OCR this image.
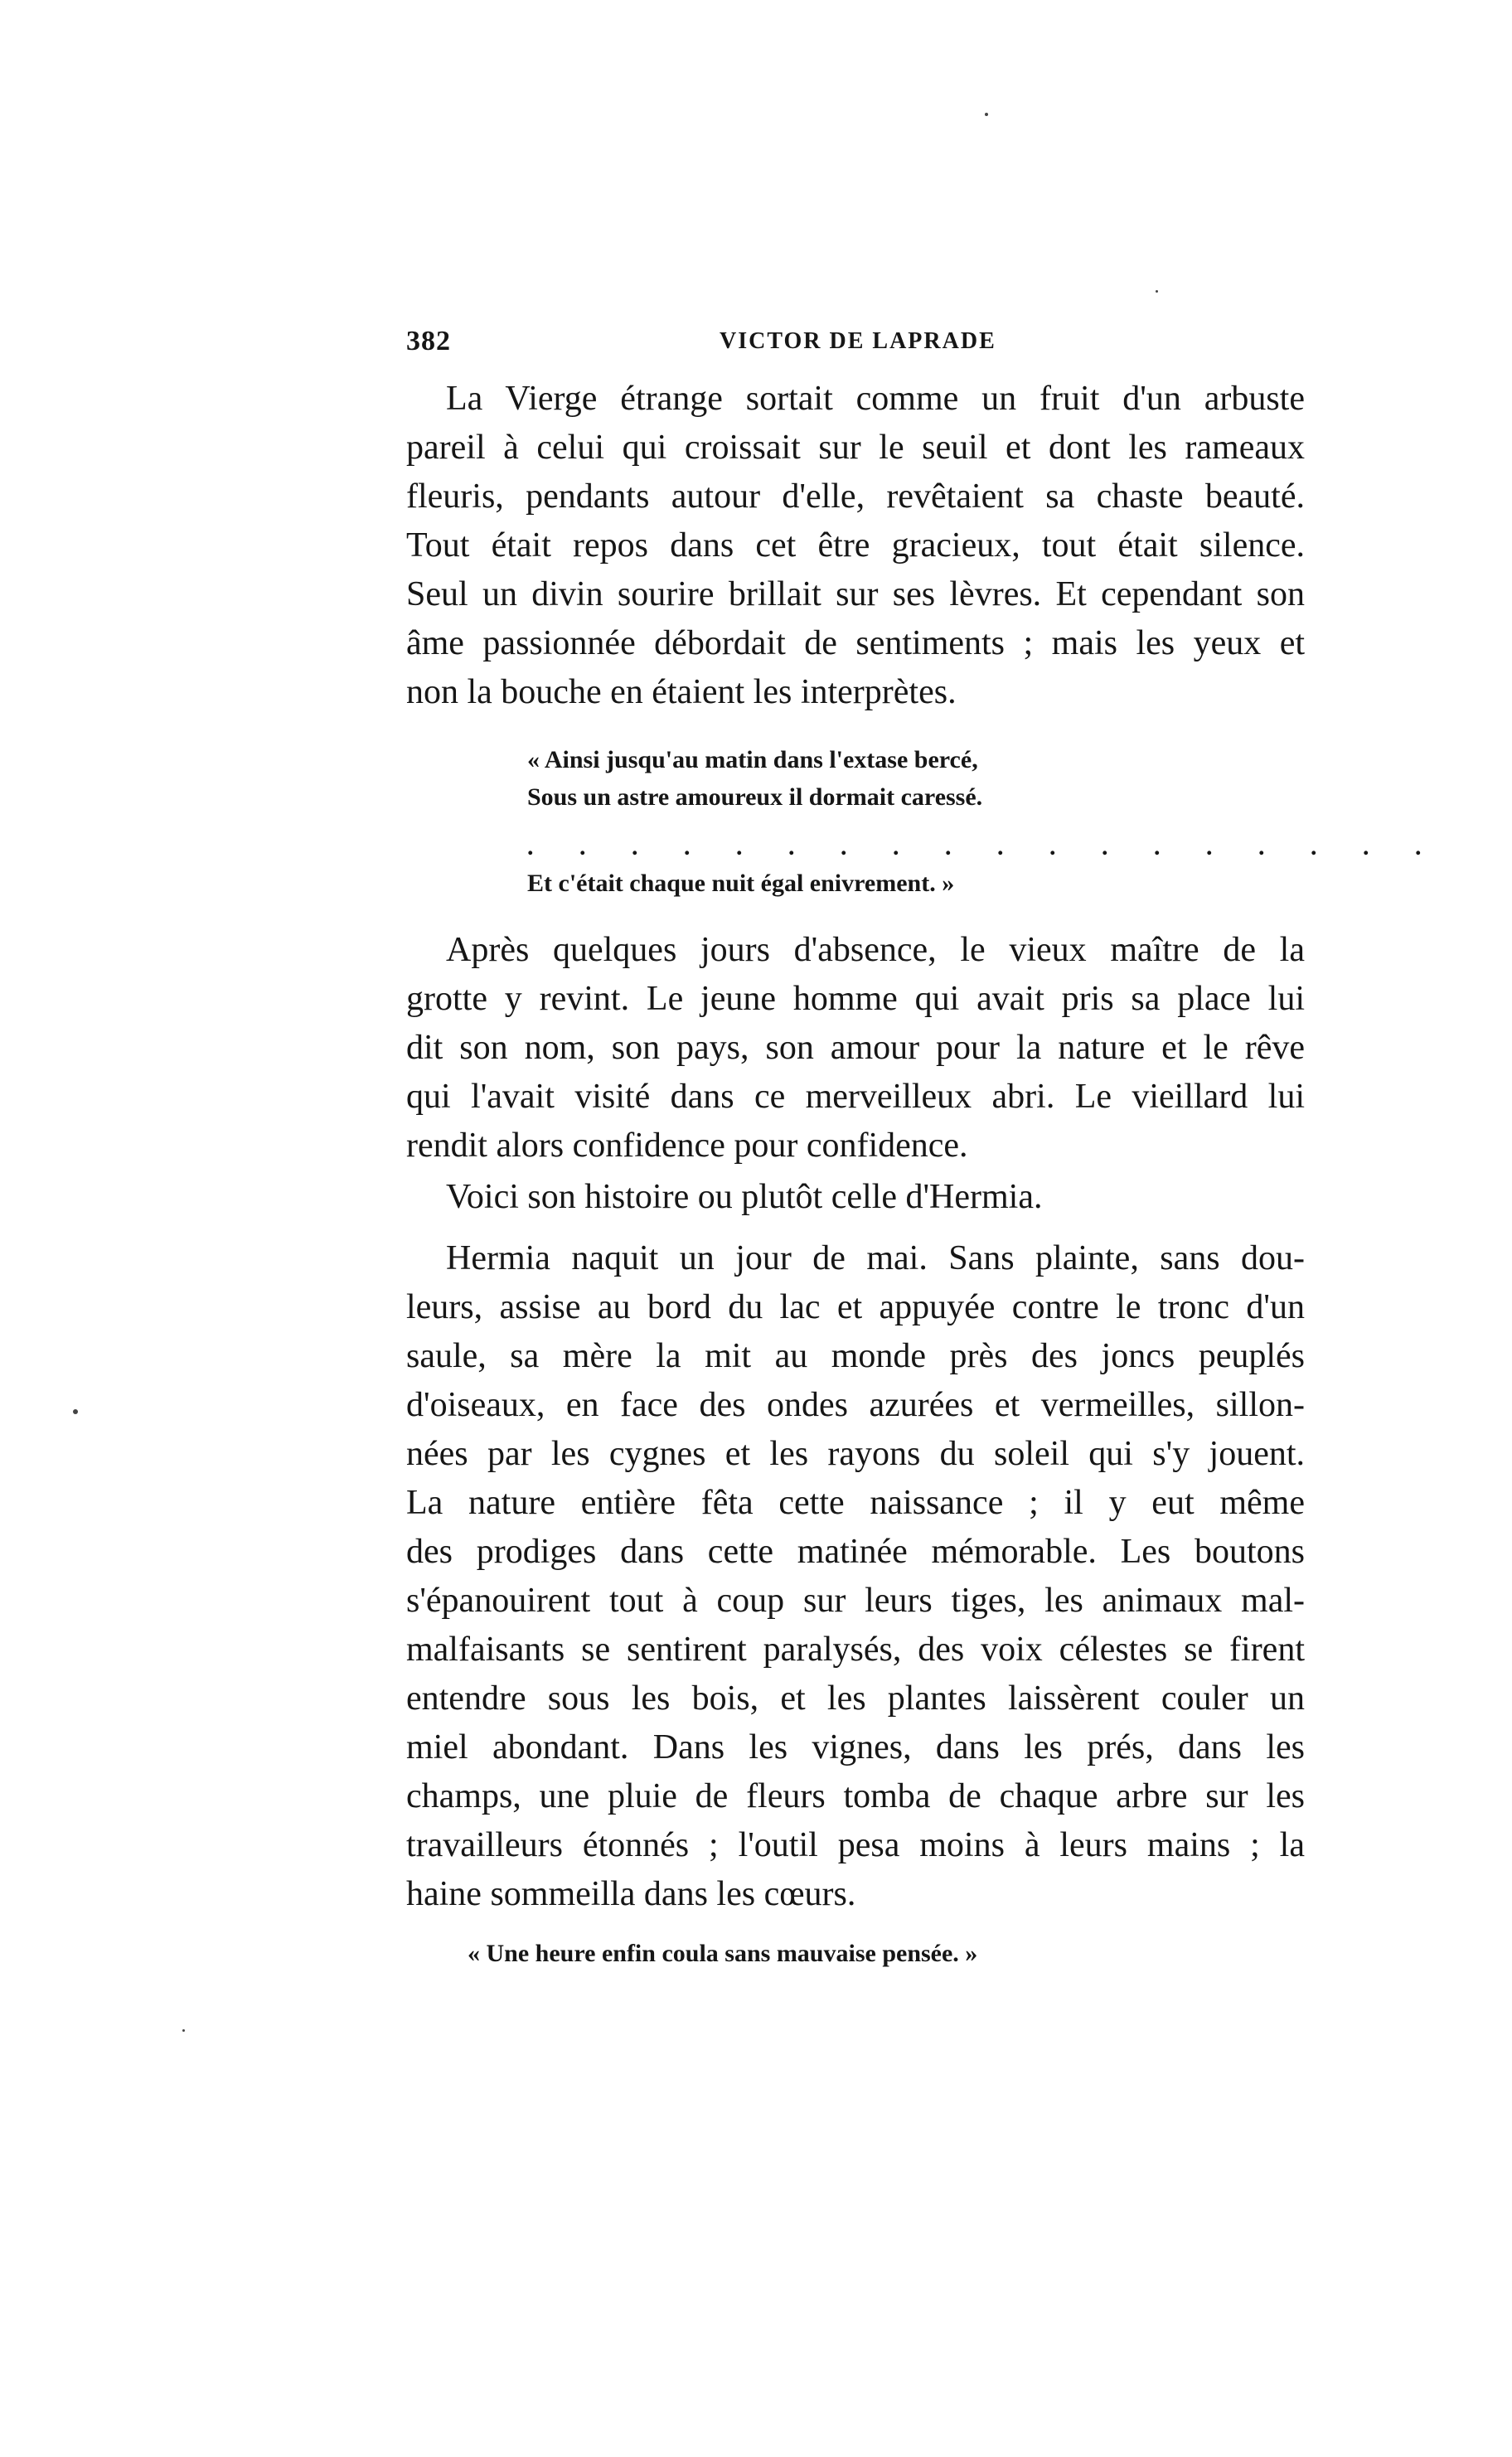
382	VICTOR DE LAPRADE

La Vierge étrange sortait comme un fruit d'un arbuste
pareil à celui qui croissait sur le seuil et dont les rameaux
fleuris, pendants autour d'elle, revêtaient sa chaste beauté.
Tout était repos dans cet être gracieux, tout était silence.
Seul un divin sourire brillait sur ses lèvres. Et cependant son
âme passionnée débordait de sentiments ; mais les yeux et
non la bouche en étaient les interprètes.

« Ainsi jusqu'au matin dans l'extase bercé,
Sous un astre amoureux il dormait caressé.

. . . . . . . . . . . . . . . . . .

Et c'était chaque nuit égal enivrement. »

Après quelques jours d'absence, le vieux maître de la
grotte y revint. Le jeune homme qui avait pris sa place lui
dit son nom, son pays, son amour pour la nature et le rêve
qui l'avait visité dans ce merveilleux abri. Le vieillard lui
rendit alors confidence pour confidence.

Voici son histoire ou plutôt celle d'Hermia.

Hermia naquit un jour de mai. Sans plainte, sans dou-
leurs, assise au bord du lac et appuyée contre le tronc d'un
saule, sa mère la mit au monde près des joncs peuplés
d'oiseaux, en face des ondes azurées et vermeilles, sillon-
nées par les cygnes et les rayons du soleil qui s'y jouent.
La nature entière fêta cette naissance ; il y eut même
des prodiges dans cette matinée mémorable. Les boutons
s'épanouirent tout à coup sur leurs tiges, les animaux mal-
malfaisants se sentirent paralysés, des voix célestes se firent
entendre sous les bois, et les plantes laissèrent couler un
miel abondant. Dans les vignes, dans les prés, dans les
champs, une pluie de fleurs tomba de chaque arbre sur les
travailleurs étonnés ; l'outil pesa moins à leurs mains ; la
haine sommeilla dans les cœurs.

« Une heure enfin coula sans mauvaise pensée. »
